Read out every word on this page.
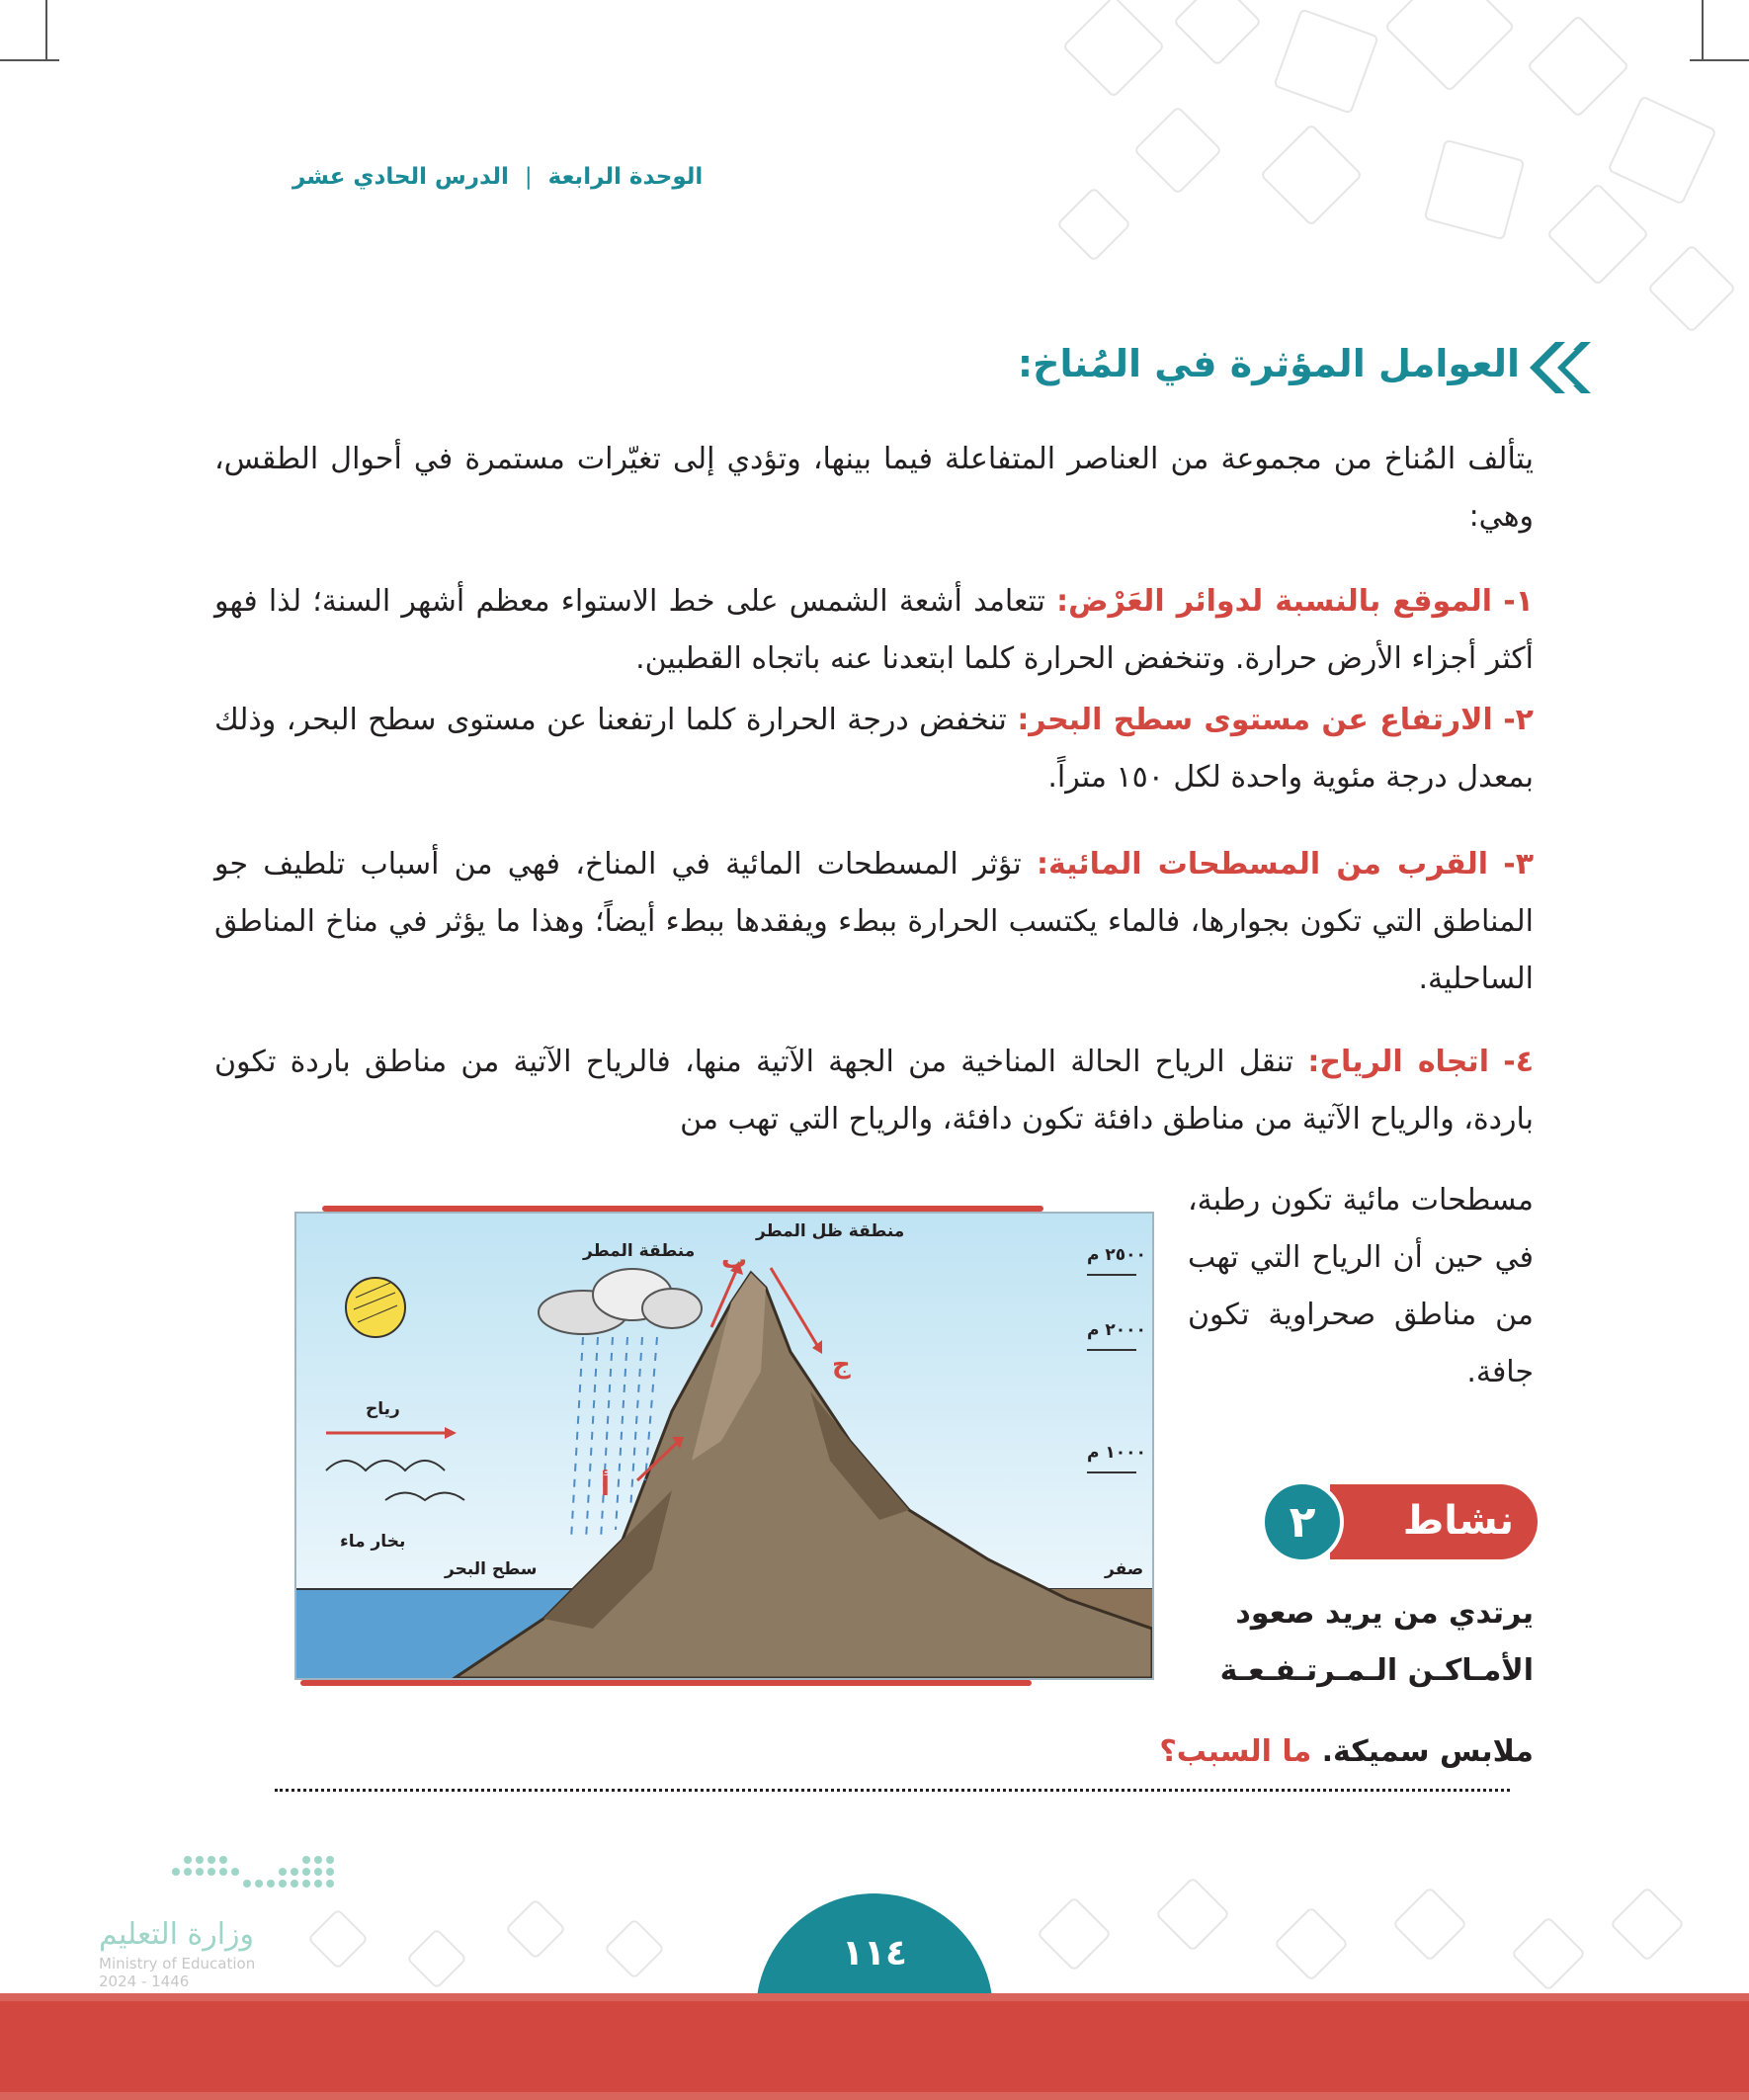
الوحدة الرابعة | الدرس الحادي عشر
العوامل المؤثرة في المُناخ:
يتألف المُناخ من مجموعة من العناصر المتفاعلة فيما بينها، وتؤدي إلى تغيّرات مستمرة في أحوال الطقس، وهي:
١- الموقع بالنسبة لدوائر العَرْض: تتعامد أشعة الشمس على خط الاستواء معظم أشهر السنة؛ لذا فهو أكثر أجزاء الأرض حرارة. وتنخفض الحرارة كلما ابتعدنا عنه باتجاه القطبين.
٢- الارتفاع عن مستوى سطح البحر: تنخفض درجة الحرارة كلما ارتفعنا عن مستوى سطح البحر، وذلك بمعدل درجة مئوية واحدة لكل ١٥٠ متراً.
٣- القرب من المسطحات المائية: تؤثر المسطحات المائية في المناخ، فهي من أسباب تلطيف جو المناطق التي تكون بجوارها، فالماء يكتسب الحرارة ببطء ويفقدها ببطء أيضاً؛ وهذا ما يؤثر في مناخ المناطق الساحلية.
٤- اتجاه الرياح: تنقل الرياح الحالة المناخية من الجهة الآتية منها، فالرياح الآتية من مناطق باردة تكون باردة، والرياح الآتية من مناطق دافئة تكون دافئة، والرياح التي تهب من
مسطحات مائية تكون رطبة، في حين أن الرياح التي تهب من مناطق صحراوية تكون جافة.
منطقة المطر
منطقة ظل المطر
رياح
بخار ماء
سطح البحر
٢٥٠٠ م
٢٠٠٠ م
١٠٠٠ م
صفر
أ
ب
ج
نشاط
٢
يرتدي من يريد صعود
الأمـاكـن الـمـرتـفـعـة
ملابس سميكة. ما السبب؟
١١٤
وزارة التعليم
Ministry of Education
2024 - 1446
